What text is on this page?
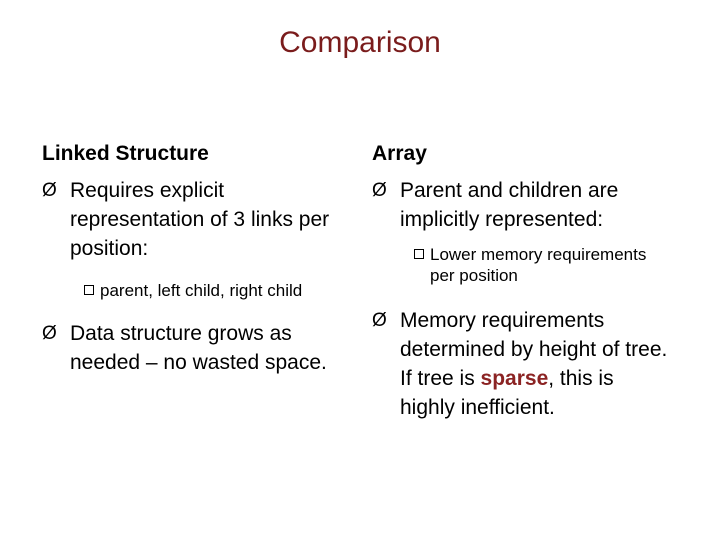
Comparison
Linked Structure
Ø Requires explicit representation of 3 links per position:
parent, left child, right child
Ø Data structure grows as needed – no wasted space.
Array
Ø Parent and children are implicitly represented:
Lower memory requirements per position
Ø Memory requirements determined by height of tree. If tree is sparse, this is highly inefficient.
